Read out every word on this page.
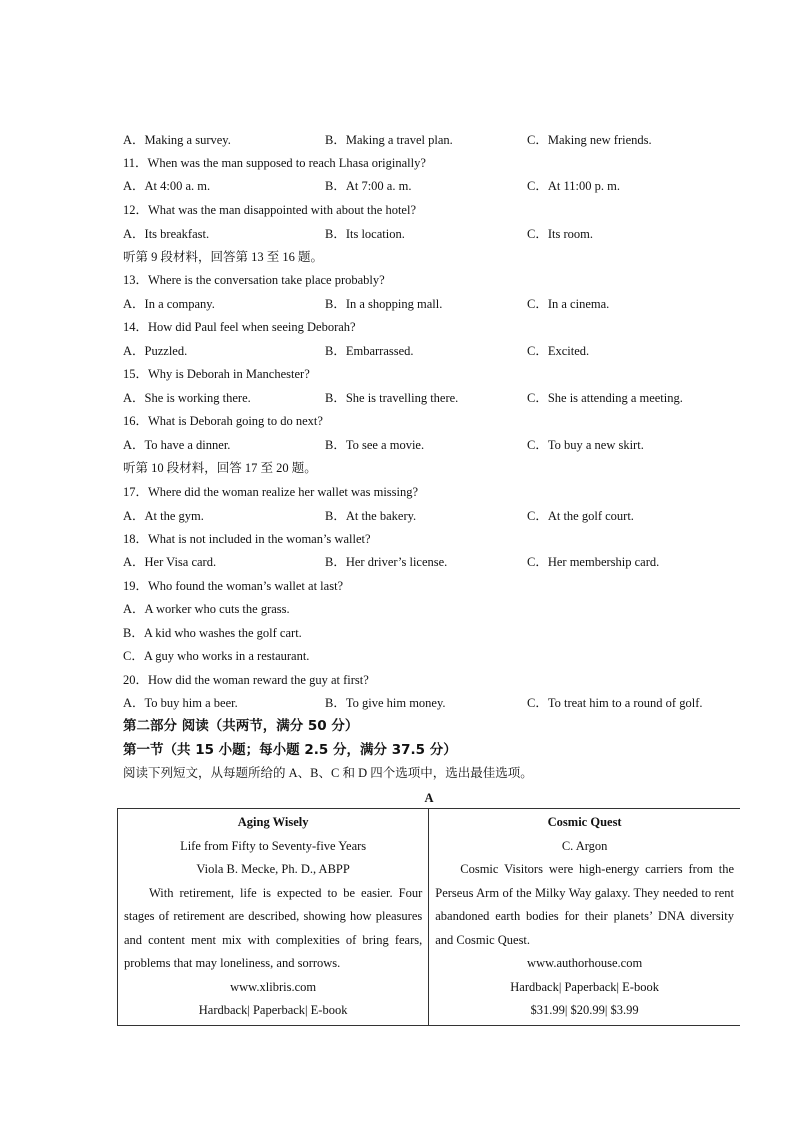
A．Making a survey.	B．Making a travel plan.	C．Making new friends.
11．When was the man supposed to reach Lhasa originally?
A．At 4:00 a. m.	B．At 7:00 a. m.	C．At 11:00 p. m.
12．What was the man disappointed with about the hotel?
A．Its breakfast.	B．Its location.	C．Its room.
听第 9 段材料，回答第 13 至 16 题。
13．Where is the conversation take place probably?
A．In a company.	B．In a shopping mall.	C．In a cinema.
14．How did Paul feel when seeing Deborah?
A．Puzzled.	B．Embarrassed.	C．Excited.
15．Why is Deborah in Manchester?
A．She is working there.	B．She is travelling there.	C．She is attending a meeting.
16．What is Deborah going to do next?
A．To have a dinner.	B．To see a movie.	C．To buy a new skirt.
听第 10 段材料，回答 17 至 20 题。
17．Where did the woman realize her wallet was missing?
A．At the gym.	B．At the bakery.	C．At the golf court.
18．What is not included in the woman’s wallet?
A．Her Visa card.	B．Her driver’s license.	C．Her membership card.
19．Who found the woman’s wallet at last?
A．A worker who cuts the grass.
B．A kid who washes the golf cart.
C．A guy who works in a restaurant.
20．How did the woman reward the guy at first?
A．To buy him a beer.	B．To give him money.	C．To treat him to a round of golf.
第二部分 阅读（共两节，满分 50 分）
第一节（共 15 小题；每小题 2.5 分，满分 37.5 分）
阅读下列短文，从每题所给的 A、B、C 和 D 四个选项中，选出最佳选项。
A
Aging Wisely
Life from Fifty to Seventy-five Years
Viola B. Mecke, Ph. D., ABPP
With retirement, life is expected to be easier. Four stages of retirement are described, showing how pleasures and content ment mix with complexities of bring fears, problems that may loneliness, and sorrows.
www.xlibris.com
Hardback| Paperback| E-book

Cosmic Quest
C. Argon
Cosmic Visitors were high-energy carriers from the Perseus Arm of the Milky Way galaxy. They needed to rent abandoned earth bodies for their planets’ DNA diversity and Cosmic Quest.
www.authorhouse.com
Hardback| Paperback| E-book
$31.99| $20.99| $3.99
